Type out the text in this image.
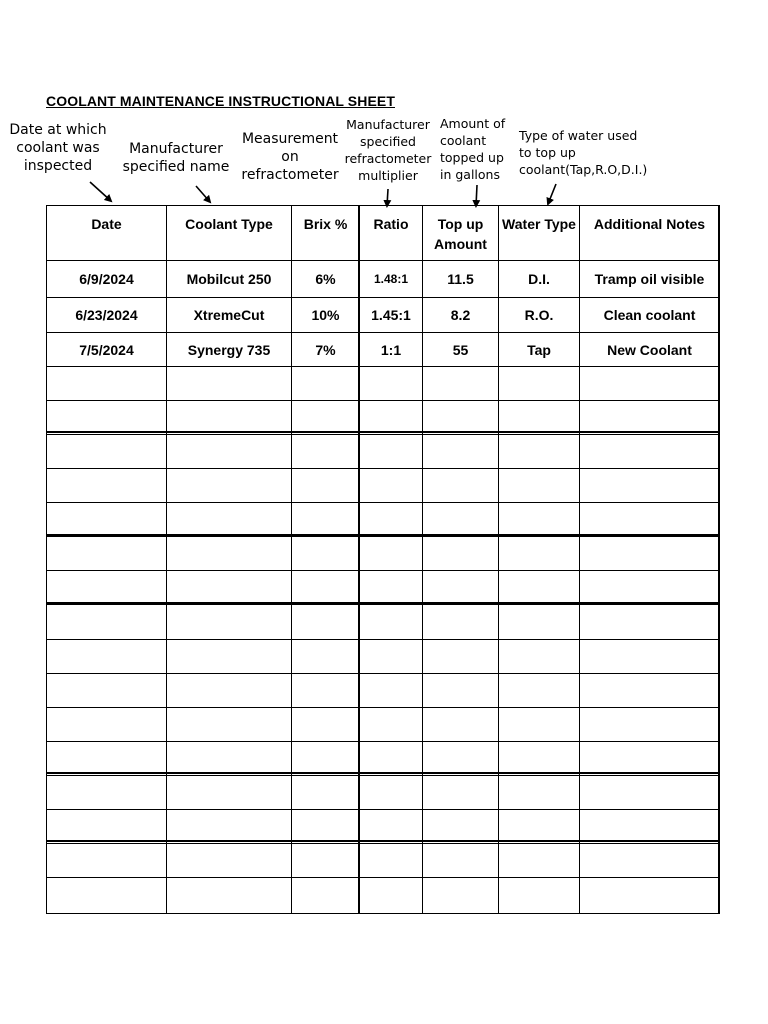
COOLANT MAINTENANCE INSTRUCTIONAL SHEET
Date at which
coolant was
inspected
Manufacturer
specified name
Measurement
on
refractometer
Manufacturer
specified
refractometer
multiplier
Amount of
coolant
topped up
in gallons
Type of water used
to top up
coolant(Tap,R.O,D.I.)
Date	Coolant Type	Brix %	Ratio	Top up Amount	Water Type	Additional Notes
6/9/2024	Mobilcut 250	6%	1.48:1	11.5	D.I.	Tramp oil visible
6/23/2024	XtremeCut	10%	1.45:1	8.2	R.O.	Clean coolant
7/5/2024	Synergy 735	7%	1:1	55	Tap	New Coolant
